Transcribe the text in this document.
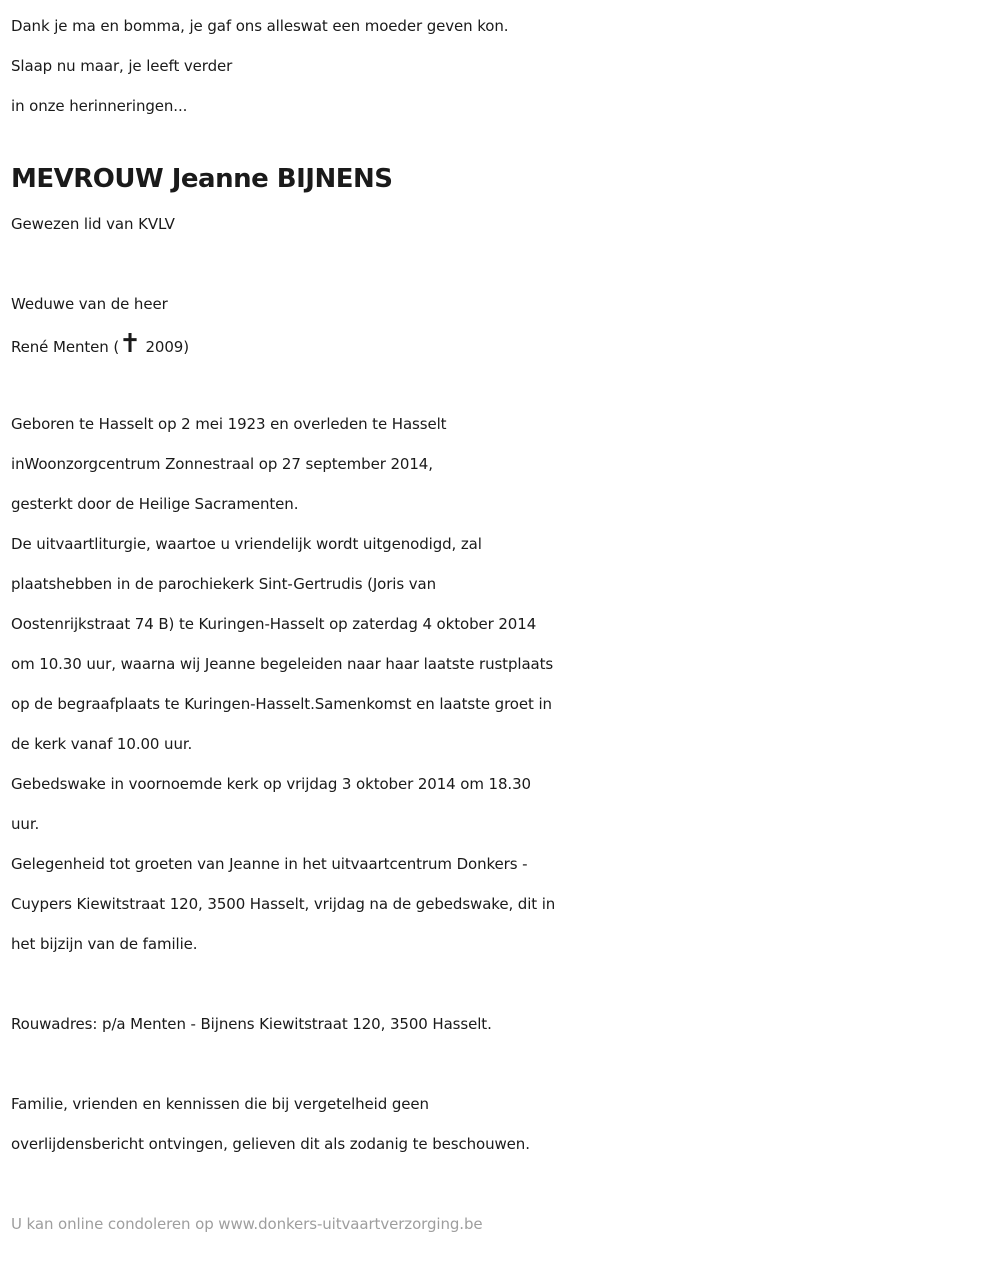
Dank je ma en bomma, je gaf ons alleswat een moeder geven kon.
Slaap nu maar, je leeft verder
in onze herinneringen...
MEVROUW Jeanne BIJNENS
Gewezen lid van KVLV
Weduwe van de heer
René Menten (✝ 2009)
Geboren te Hasselt op 2 mei 1923 en overleden te Hasselt
inWoonzorgcentrum Zonnestraal op 27 september 2014,
gesterkt door de Heilige Sacramenten.
De uitvaartliturgie, waartoe u vriendelijk wordt uitgenodigd, zal
plaatshebben in de parochiekerk Sint-Gertrudis (Joris van
Oostenrijkstraat 74 B) te Kuringen-Hasselt op zaterdag 4 oktober 2014
om 10.30 uur, waarna wij Jeanne begeleiden naar haar laatste rustplaats
op de begraafplaats te Kuringen-Hasselt.Samenkomst en laatste groet in
de kerk vanaf 10.00 uur.
Gebedswake in voornoemde kerk op vrijdag 3 oktober 2014 om 18.30
uur.
Gelegenheid tot groeten van Jeanne in het uitvaartcentrum Donkers -
Cuypers Kiewitstraat 120, 3500 Hasselt, vrijdag na de gebedswake, dit in
het bijzijn van de familie.
Rouwadres: p/a Menten - Bijnens Kiewitstraat 120, 3500 Hasselt.
Familie, vrienden en kennissen die bij vergetelheid geen
overlijdensbericht ontvingen, gelieven dit als zodanig te beschouwen.
U kan online condoleren op www.donkers-uitvaartverzorging.be
